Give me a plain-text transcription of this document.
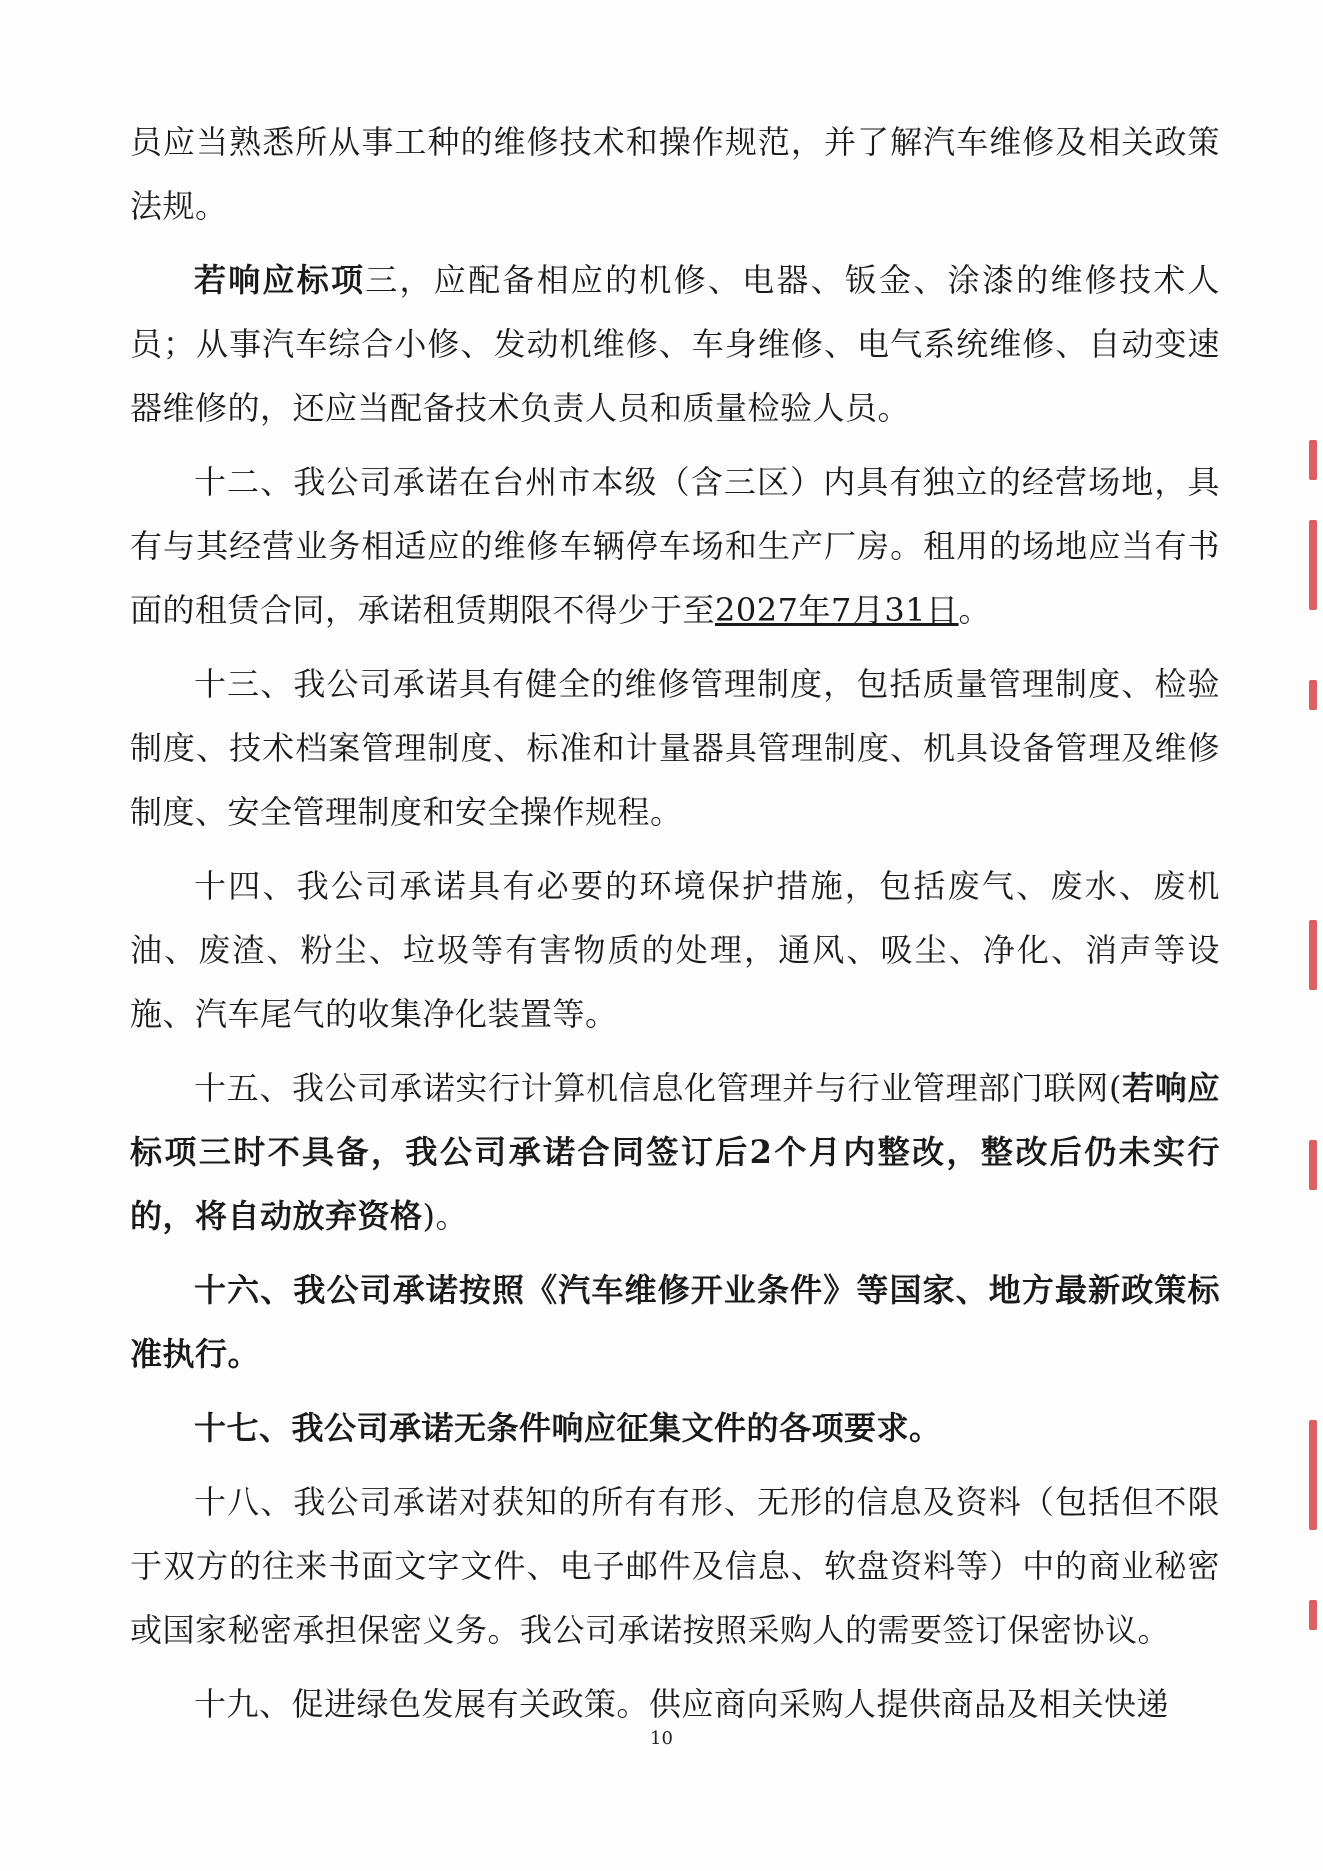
员应当熟悉所从事工种的维修技术和操作规范，并了解汽车维修及相关政策法规。

若响应标项三，应配备相应的机修、电器、钣金、涂漆的维修技术人员；从事汽车综合小修、发动机维修、车身维修、电气系统维修、自动变速器维修的，还应当配备技术负责人员和质量检验人员。

十二、我公司承诺在台州市本级（含三区）内具有独立的经营场地，具有与其经营业务相适应的维修车辆停车场和生产厂房。租用的场地应当有书面的租赁合同，承诺租赁期限不得少于至2027年7月31日。

十三、我公司承诺具有健全的维修管理制度，包括质量管理制度、检验制度、技术档案管理制度、标准和计量器具管理制度、机具设备管理及维修制度、安全管理制度和安全操作规程。

十四、我公司承诺具有必要的环境保护措施，包括废气、废水、废机油、废渣、粉尘、垃圾等有害物质的处理，通风、吸尘、净化、消声等设施、汽车尾气的收集净化装置等。

十五、我公司承诺实行计算机信息化管理并与行业管理部门联网(若响应标项三时不具备，我公司承诺合同签订后2个月内整改，整改后仍未实行的，将自动放弃资格)。

十六、我公司承诺按照《汽车维修开业条件》等国家、地方最新政策标准执行。

十七、我公司承诺无条件响应征集文件的各项要求。

十八、我公司承诺对获知的所有有形、无形的信息及资料（包括但不限于双方的往来书面文字文件、电子邮件及信息、软盘资料等）中的商业秘密或国家秘密承担保密义务。我公司承诺按照采购人的需要签订保密协议。

十九、促进绿色发展有关政策。供应商向采购人提供商品及相关快递

10
